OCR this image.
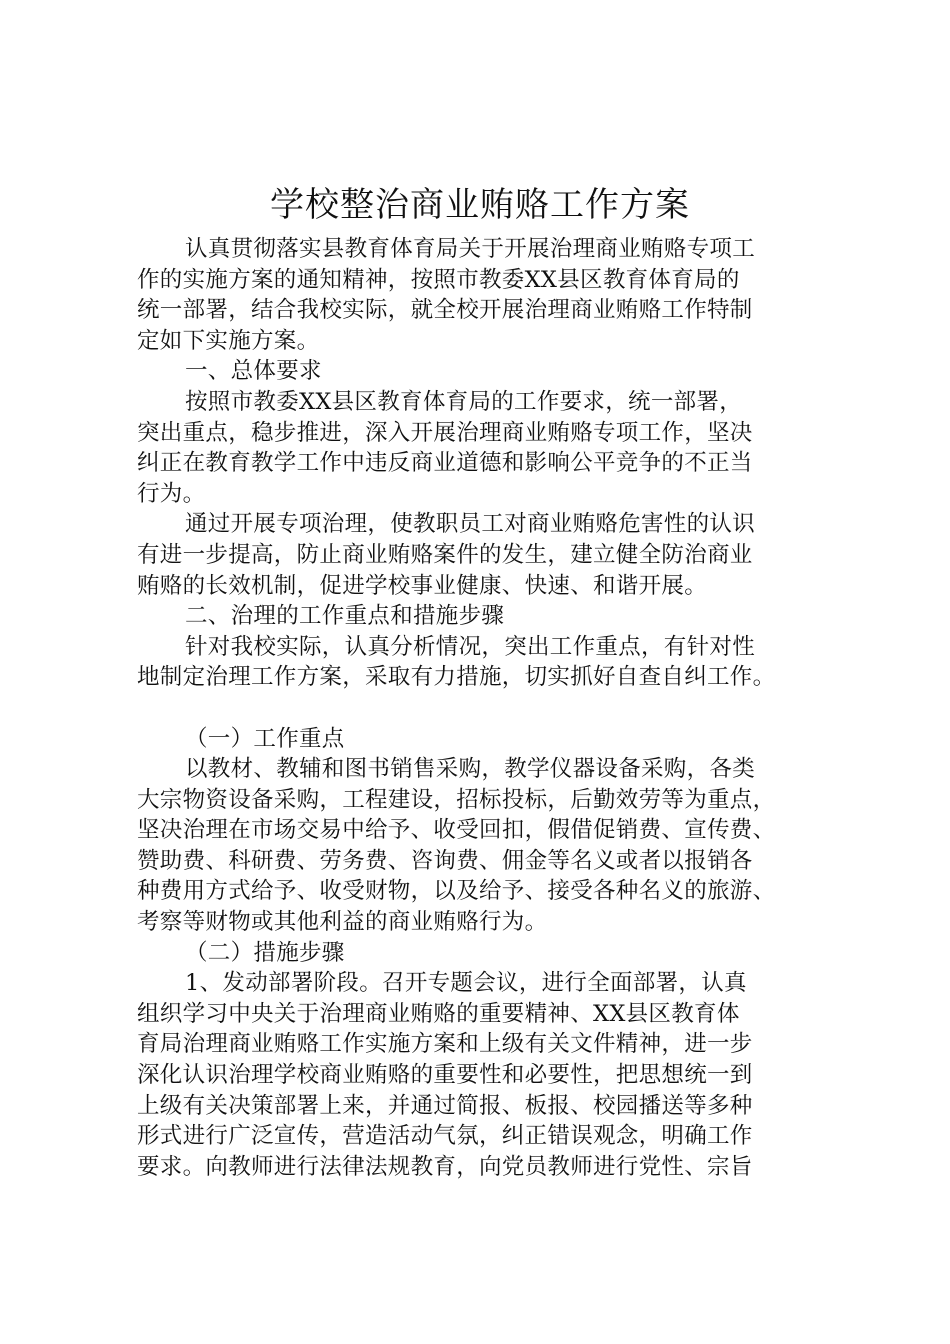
学校整治商业贿赂工作方案
认真贯彻落实县教育体育局关于开展治理商业贿赂专项工
作的实施方案的通知精神，按照市教委XX县区教育体育局的
统一部署，结合我校实际，就全校开展治理商业贿赂工作特制
定如下实施方案。
一、总体要求
按照市教委XX县区教育体育局的工作要求，统一部署，
突出重点，稳步推进，深入开展治理商业贿赂专项工作，坚决
纠正在教育教学工作中违反商业道德和影响公平竞争的不正当
行为。
通过开展专项治理，使教职员工对商业贿赂危害性的认识
有进一步提高，防止商业贿赂案件的发生，建立健全防治商业
贿赂的长效机制，促进学校事业健康、快速、和谐开展。
二、治理的工作重点和措施步骤
针对我校实际，认真分析情况，突出工作重点，有针对性
地制定治理工作方案，采取有力措施，切实抓好自查自纠工作。
（一）工作重点
以教材、教辅和图书销售采购，教学仪器设备采购，各类
大宗物资设备采购，工程建设，招标投标，后勤效劳等为重点，
坚决治理在市场交易中给予、收受回扣，假借促销费、宣传费、
赞助费、科研费、劳务费、咨询费、佣金等名义或者以报销各
种费用方式给予、收受财物，以及给予、接受各种名义的旅游、
考察等财物或其他利益的商业贿赂行为。
（二）措施步骤
1、发动部署阶段。召开专题会议，进行全面部署，认真
组织学习中央关于治理商业贿赂的重要精神、XX县区教育体
育局治理商业贿赂工作实施方案和上级有关文件精神，进一步
深化认识治理学校商业贿赂的重要性和必要性，把思想统一到
上级有关决策部署上来，并通过简报、板报、校园播送等多种
形式进行广泛宣传，营造活动气氛，纠正错误观念，明确工作
要求。向教师进行法律法规教育，向党员教师进行党性、宗旨
